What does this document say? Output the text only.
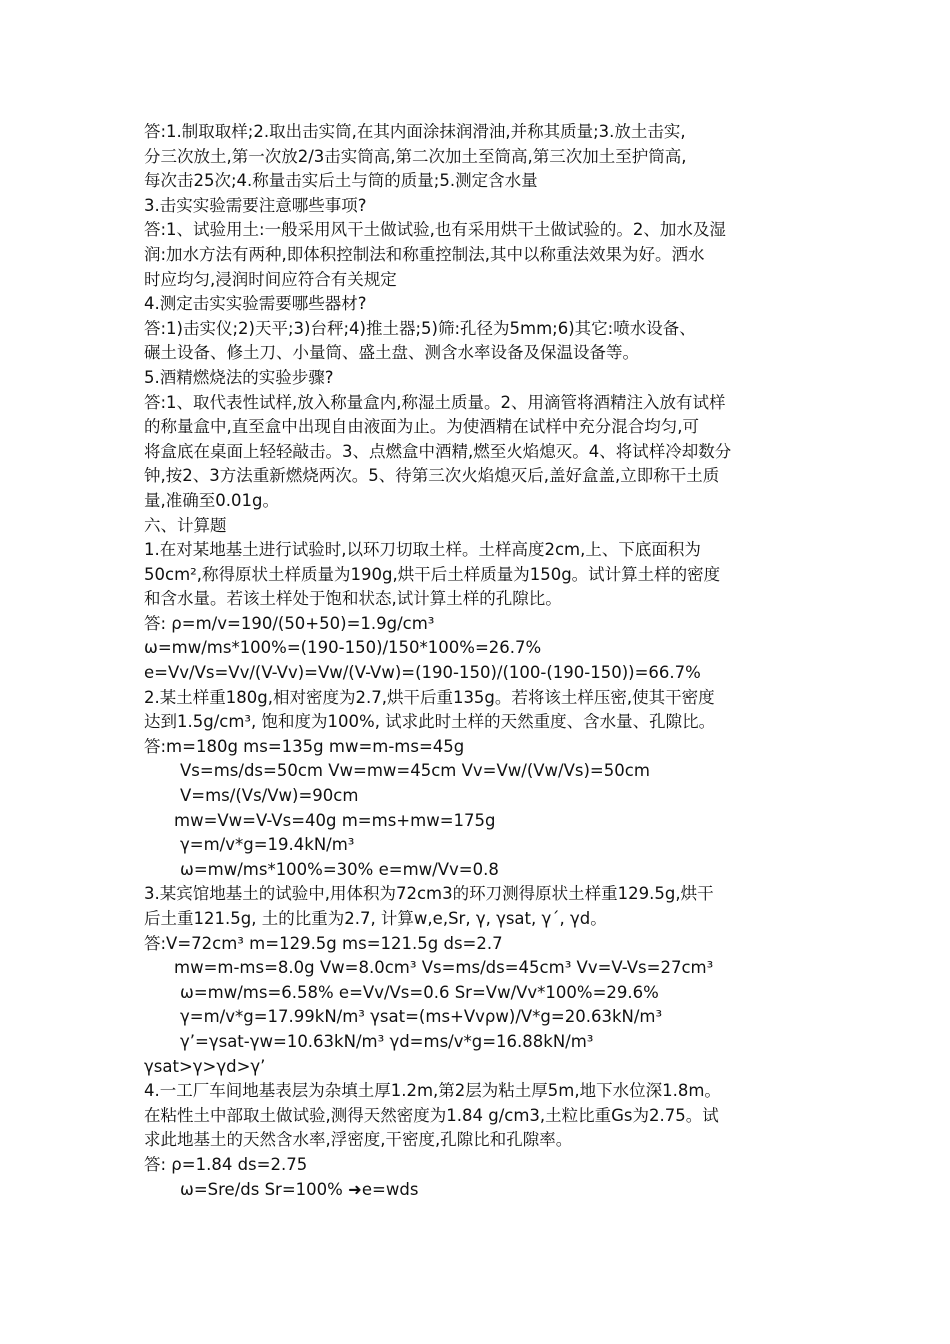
答:1.制取取样;2.取出击实筒,在其内面涂抹润滑油,并称其质量;3.放土击实,
分三次放土,第一次放2/3击实筒高,第二次加土至筒高,第三次加土至护筒高,
每次击25次;4.称量击实后土与筒的质量;5.测定含水量
3.击实实验需要注意哪些事项?
答:1、试验用土:一般采用风干土做试验,也有采用烘干土做试验的。2、加水及湿
润:加水方法有两种,即体积控制法和称重控制法,其中以称重法效果为好。洒水
时应均匀,浸润时间应符合有关规定
4.测定击实实验需要哪些器材?
答:1)击实仪;2)天平;3)台秤;4)推土器;5)筛:孔径为5mm;6)其它:喷水设备、
碾土设备、修土刀、小量筒、盛土盘、测含水率设备及保温设备等。
5.酒精燃烧法的实验步骤?
答:1、取代表性试样,放入称量盒内,称湿土质量。2、用滴管将酒精注入放有试样
的称量盒中,直至盒中出现自由液面为止。为使酒精在试样中充分混合均匀,可
将盒底在桌面上轻轻敲击。3、点燃盒中酒精,燃至火焰熄灭。4、将试样冷却数分
钟,按2、3方法重新燃烧两次。5、待第三次火焰熄灭后,盖好盒盖,立即称干土质
量,准确至0.01g。
六、计算题
1.在对某地基土进行试验时,以环刀切取土样。土样高度2cm,上、下底面积为
50cm²,称得原状土样质量为190g,烘干后土样质量为150g。试计算土样的密度
和含水量。若该土样处于饱和状态,试计算土样的孔隙比。
答: ρ=m/v=190/(50+50)=1.9g/cm³
ω=mw/ms*100%=(190-150)/150*100%=26.7%
e=Vv/Vs=Vv/(V-Vv)=Vw/(V-Vw)=(190-150)/(100-(190-150))=66.7%
2.某土样重180g,相对密度为2.7,烘干后重135g。若将该土样压密,使其干密度
达到1.5g/cm³, 饱和度为100%, 试求此时土样的天然重度、含水量、孔隙比。
答:m=180g ms=135g mw=m-ms=45g
Vs=ms/ds=50cm Vw=mw=45cm Vv=Vw/(Vw/Vs)=50cm
V=ms/(Vs/Vw)=90cm
mw=Vw=V-Vs=40g m=ms+mw=175g
γ=m/v*g=19.4kN/m³
ω=mw/ms*100%=30% e=mw/Vv=0.8
3.某宾馆地基土的试验中,用体积为72cm3的环刀测得原状土样重129.5g,烘干
后土重121.5g, 土的比重为2.7, 计算w,e,Sr, γ, γsat, γ´, γd。
答:V=72cm³ m=129.5g ms=121.5g ds=2.7
mw=m-ms=8.0g Vw=8.0cm³ Vs=ms/ds=45cm³ Vv=V-Vs=27cm³
ω=mw/ms=6.58% e=Vv/Vs=0.6 Sr=Vw/Vv*100%=29.6%
γ=m/v*g=17.99kN/m³ γsat=(ms+Vvρw)/V*g=20.63kN/m³
γ’=γsat-γw=10.63kN/m³ γd=ms/v*g=16.88kN/m³
γsat>γ>γd>γ’
4.一工厂车间地基表层为杂填土厚1.2m,第2层为粘土厚5m,地下水位深1.8m。
在粘性土中部取土做试验,测得天然密度为1.84 g/cm3,土粒比重Gs为2.75。试
求此地基土的天然含水率,浮密度,干密度,孔隙比和孔隙率。
答: ρ=1.84 ds=2.75
ω=Sre/ds Sr=100% ➜e=wds
